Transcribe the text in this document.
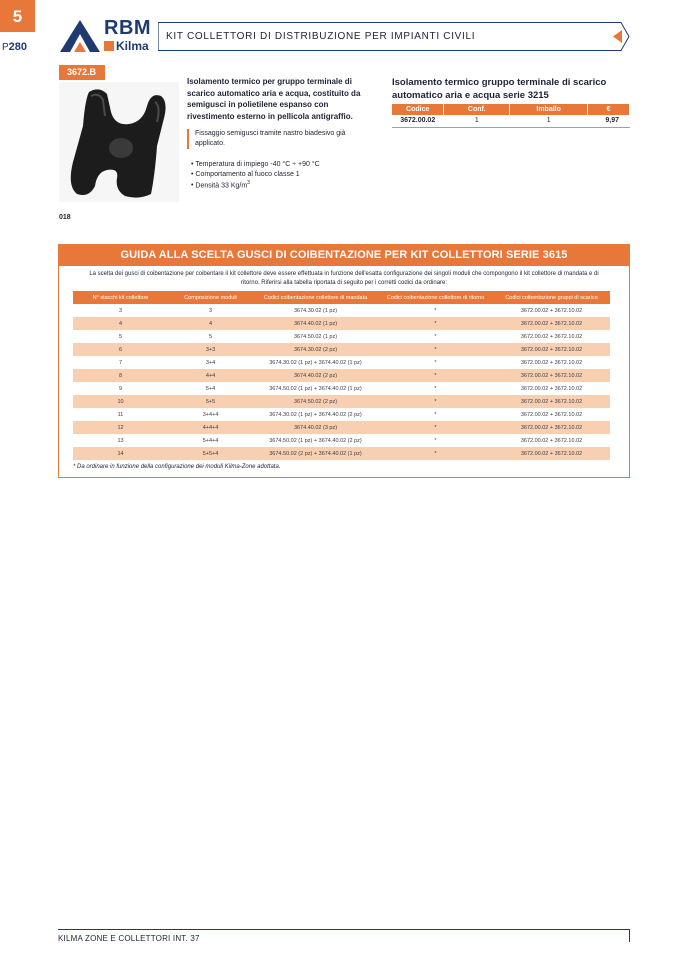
5
P280
RBM
Kilma
KIT COLLETTORI DI DISTRIBUZIONE PER IMPIANTI CIVILI
3672.B
Isolamento termico per gruppo terminale di scarico automatico aria e acqua, costituito da semigusci in polietilene espanso con rivestimento esterno in pellicola antigraffio.
Fissaggio semigusci tramite nastro biadesivo già applicato.
• Temperatura di impiego -40 °C ÷ +90 °C
• Comportamento al fuoco classe 1
• Densità 33 $Kg/m^3$
018
Isolamento termico gruppo terminale di scarico automatico aria e acqua serie 3215
Codice	Conf.	Imballo	€
3672.00.02	1	1	9,97
GUIDA ALLA SCELTA GUSCI DI COIBENTAZIONE PER KIT COLLETTORI SERIE 3615
La scelta dei gusci di coibentazione per coibentare il kit collettore deve essere effettuata in funzione dell'esatta configurazione dei singoli moduli che compongono il kit collettore di mandata e di ritorno. Riferirsi alla tabella riportata di seguito per i corretti codici da ordinare:
N° stacchi kit collettore	Composizione moduli	Codici coibentazione collettore di mandata	Codici coibentazione collettore di ritorno	Codici coibentazione gruppi di scarico
3	3	3674.30.02 (1 pz)	*	3672.00.02 + 3672.10.02
4	4	3674.40.02 (1 pz)	*	3672.00.02 + 3672.10.02
5	5	3674.50.02 (1 pz)	*	3672.00.02 + 3672.10.02
6	3+3	3674.30.02 (2 pz)	*	3672.00.02 + 3672.10.02
7	3+4	3674.30.02 (1 pz) + 3674.40.02 (1 pz)	*	3672.00.02 + 3672.10.02
8	4+4	3674.40.02 (2 pz)	*	3672.00.02 + 3672.10.02
9	5+4	3674.50.02 (1 pz) + 3674.40.02 (1 pz)	*	3672.00.02 + 3672.10.02
10	5+5	3674.50.02 (2 pz)	*	3672.00.02 + 3672.10.02
11	3+4+4	3674.30.02 (1 pz) + 3674.40.02 (2 pz)	*	3672.00.02 + 3672.10.02
12	4+4+4	3674.40.02 (3 pz)	*	3672.00.02 + 3672.10.02
13	5+4+4	3674.50.02 (1 pz) + 3674.40.02 (2 pz)	*	3672.00.02 + 3672.10.02
14	5+5+4	3674.50.02 (2 pz) + 3674.40.02 (1 pz)	*	3672.00.02 + 3672.10.02
* Da ordinare in funzione della configurazione dei moduli Kilma-Zone adottata.
KILMA ZONE E COLLETTORI INT. 37
